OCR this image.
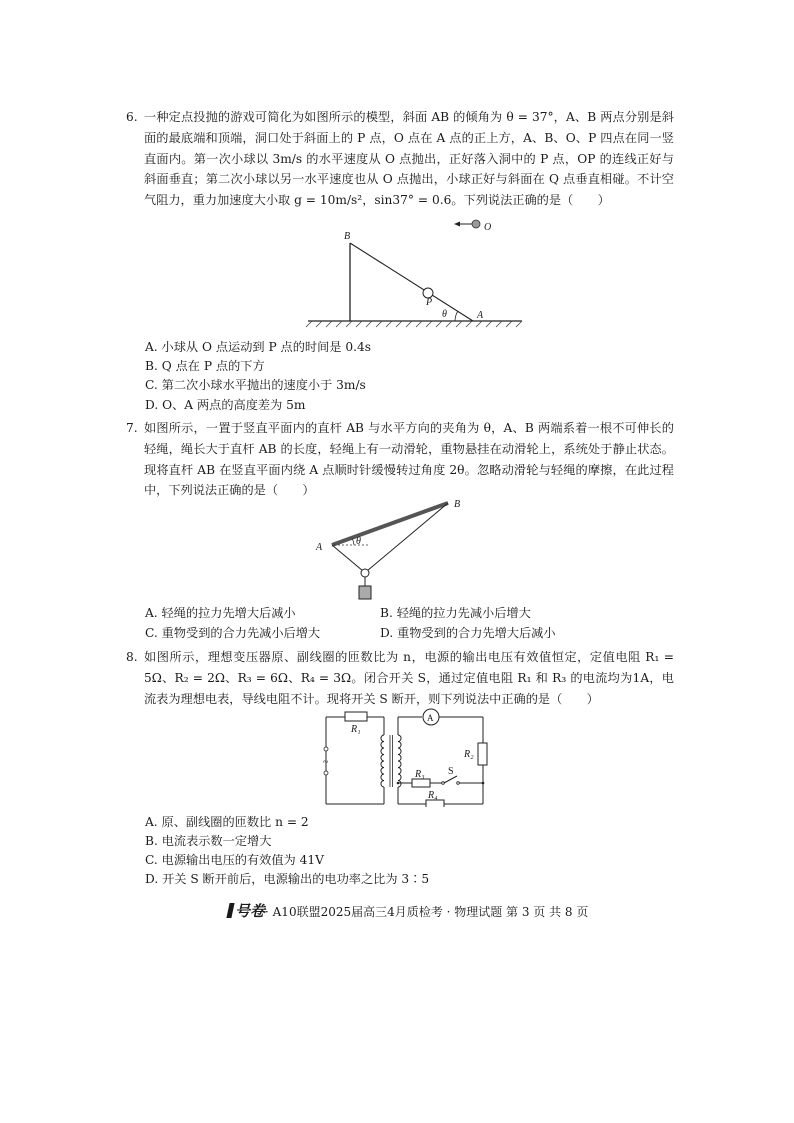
6. 一种定点投抛的游戏可简化为如图所示的模型，斜面 AB 的倾角为 θ = 37°，A、B 两点分别是斜面的最底端和顶端，洞口处于斜面上的 P 点，O 点在 A 点的正上方，A、B、O、P 四点在同一竖直面内。第一次小球以 3m/s 的水平速度从 O 点抛出，正好落入洞中的 P 点，OP 的连线正好与斜面垂直；第二次小球以另一水平速度也从 O 点抛出，小球正好与斜面在 Q 点垂直相碰。不计空气阻力，重力加速度大小取 g = 10m/s²，sin37° = 0.6。下列说法正确的是（　　）
B
O
P
θ	A
A. 小球从 O 点运动到 P 点的时间是 0.4s
B. Q 点在 P 点的下方
C. 第二次小球水平抛出的速度小于 3m/s
D. O、A 两点的高度差为 5m
7. 如图所示，一置于竖直平面内的直杆 AB 与水平方向的夹角为 θ，A、B 两端系着一根不可伸长的轻绳，绳长大于直杆 AB 的长度，轻绳上有一动滑轮，重物悬挂在动滑轮上，系统处于静止状态。现将直杆 AB 在竖直平面内绕 A 点顺时针缓慢转过角度 2θ。忽略动滑轮与轻绳的摩擦，在此过程中，下列说法正确的是（　　）
A
B
θ
A. 轻绳的拉力先增大后减小	B. 轻绳的拉力先减小后增大
C. 重物受到的合力先减小后增大	D. 重物受到的合力先增大后减小
8. 如图所示，理想变压器原、副线圈的匝数比为 n，电源的输出电压有效值恒定，定值电阻 R₁ = 5Ω、R₂ = 2Ω、R₃ = 6Ω、R₄ = 3Ω。闭合开关 S，通过定值电阻 R₁ 和 R₃ 的电流均为1A，电流表为理想电表，导线电阻不计。现将开关 S 断开，则下列说法中正确的是（　　）
R₁
A
R₂
R₃ S
R₄
~
A. 原、副线圈的匝数比 n = 2
B. 电流表示数一定增大
C. 电源输出电压的有效值为 41V
D. 开关 S 断开前后，电源输出的电功率之比为 3∶5
号卷· A10联盟2025届高三4月质检考 · 物理试题 第 3 页 共 8 页
